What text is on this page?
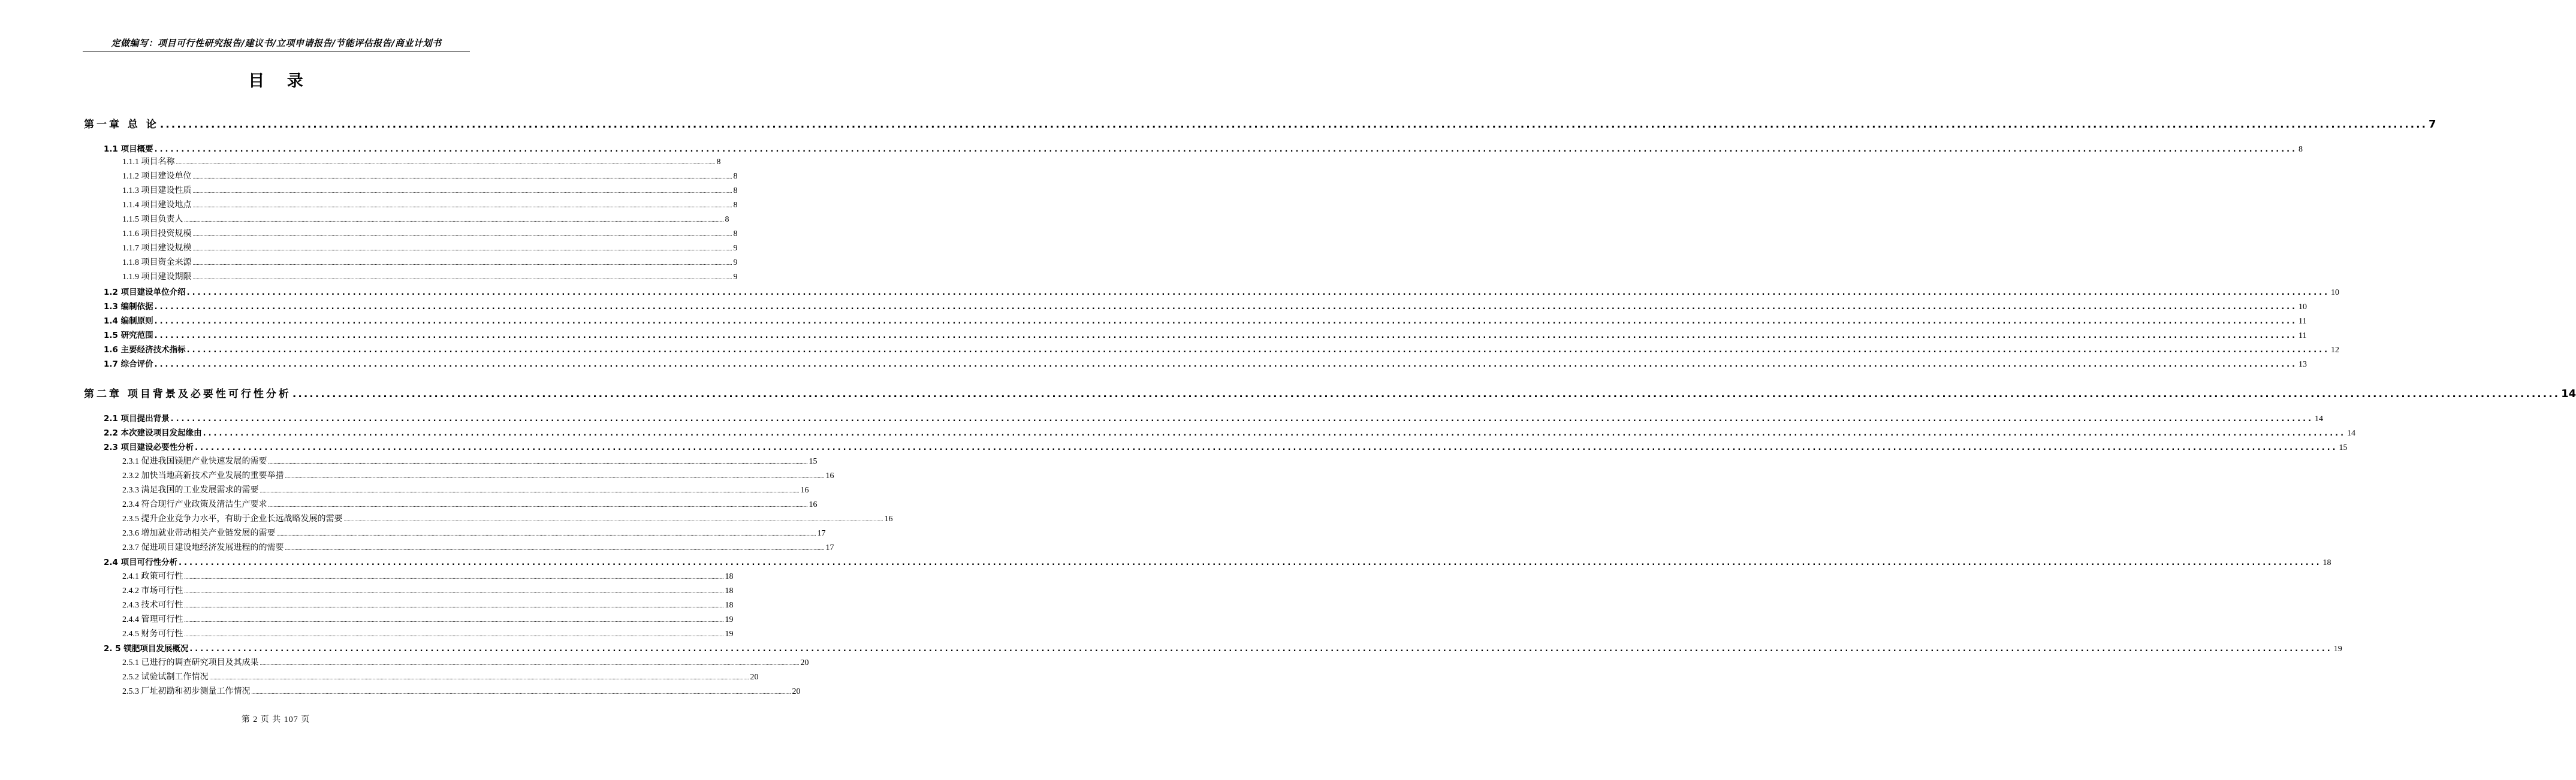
定做编写：项目可行性研究报告/建议书/立项申请报告/节能评估报告/商业计划书
目 录
第一章 总 论 ................................................................................................................................................................................................................................................................................................................................................................................................................ 7
1.1 项目概要 ................................................................................................................................................................................................................................................................................................................................................................................................................ 8
1.1.1 项目名称 ................................................................................................................................................................................................................................................................................................................................................................................................................ 8
1.1.2 项目建设单位 ................................................................................................................................................................................................................................................................................................................................................................................................................ 8
1.1.3 项目建设性质 ................................................................................................................................................................................................................................................................................................................................................................................................................ 8
1.1.4 项目建设地点 ................................................................................................................................................................................................................................................................................................................................................................................................................ 8
1.1.5 项目负责人 ................................................................................................................................................................................................................................................................................................................................................................................................................ 8
1.1.6 项目投资规模 ................................................................................................................................................................................................................................................................................................................................................................................................................ 8
1.1.7 项目建设规模 ................................................................................................................................................................................................................................................................................................................................................................................................................ 9
1.1.8 项目资金来源 ................................................................................................................................................................................................................................................................................................................................................................................................................ 9
1.1.9 项目建设期限 ................................................................................................................................................................................................................................................................................................................................................................................................................ 9
1.2 项目建设单位介绍 ................................................................................................................................................................................................................................................................................................................................................................................................................ 10
1.3 编制依据 ................................................................................................................................................................................................................................................................................................................................................................................................................ 10
1.4 编制原则 ................................................................................................................................................................................................................................................................................................................................................................................................................ 11
1.5 研究范围 ................................................................................................................................................................................................................................................................................................................................................................................................................ 11
1.6 主要经济技术指标 ................................................................................................................................................................................................................................................................................................................................................................................................................ 12
1.7 综合评价 ................................................................................................................................................................................................................................................................................................................................................................................................................ 13
第二章 项目背景及必要性可行性分析 ................................................................................................................................................................................................................................................................................................................................................................................................................ 14
2.1 项目提出背景 ................................................................................................................................................................................................................................................................................................................................................................................................................ 14
2.2 本次建设项目发起缘由 ................................................................................................................................................................................................................................................................................................................................................................................................................ 14
2.3 项目建设必要性分析 ................................................................................................................................................................................................................................................................................................................................................................................................................ 15
2.3.1 促进我国镁肥产业快速发展的需要 ................................................................................................................................................................................................................................................................................................................................................................................................................ 15
2.3.2 加快当地高新技术产业发展的重要举措 ................................................................................................................................................................................................................................................................................................................................................................................................................ 16
2.3.3 满足我国的工业发展需求的需要 ................................................................................................................................................................................................................................................................................................................................................................................................................ 16
2.3.4 符合现行产业政策及清洁生产要求 ................................................................................................................................................................................................................................................................................................................................................................................................................ 16
2.3.5 提升企业竞争力水平，有助于企业长远战略发展的需要 ................................................................................................................................................................................................................................................................................................................................................................................................................ 16
2.3.6 增加就业带动相关产业链发展的需要 ................................................................................................................................................................................................................................................................................................................................................................................................................ 17
2.3.7 促进项目建设地经济发展进程的的需要 ................................................................................................................................................................................................................................................................................................................................................................................................................ 17
2.4 项目可行性分析 ................................................................................................................................................................................................................................................................................................................................................................................................................ 18
2.4.1 政策可行性 ................................................................................................................................................................................................................................................................................................................................................................................................................ 18
2.4.2 市场可行性 ................................................................................................................................................................................................................................................................................................................................................................................................................ 18
2.4.3 技术可行性 ................................................................................................................................................................................................................................................................................................................................................................................................................ 18
2.4.4 管理可行性 ................................................................................................................................................................................................................................................................................................................................................................................................................ 19
2.4.5 财务可行性 ................................................................................................................................................................................................................................................................................................................................................................................................................ 19
2. 5 镁肥项目发展概况 ................................................................................................................................................................................................................................................................................................................................................................................................................ 19
2.5.1 已进行的调查研究项目及其成果 ................................................................................................................................................................................................................................................................................................................................................................................................................ 20
2.5.2 试验试制工作情况 ................................................................................................................................................................................................................................................................................................................................................................................................................ 20
2.5.3 厂址初勘和初步测量工作情况 ................................................................................................................................................................................................................................................................................................................................................................................................................ 20
第 2 页 共 107 页
